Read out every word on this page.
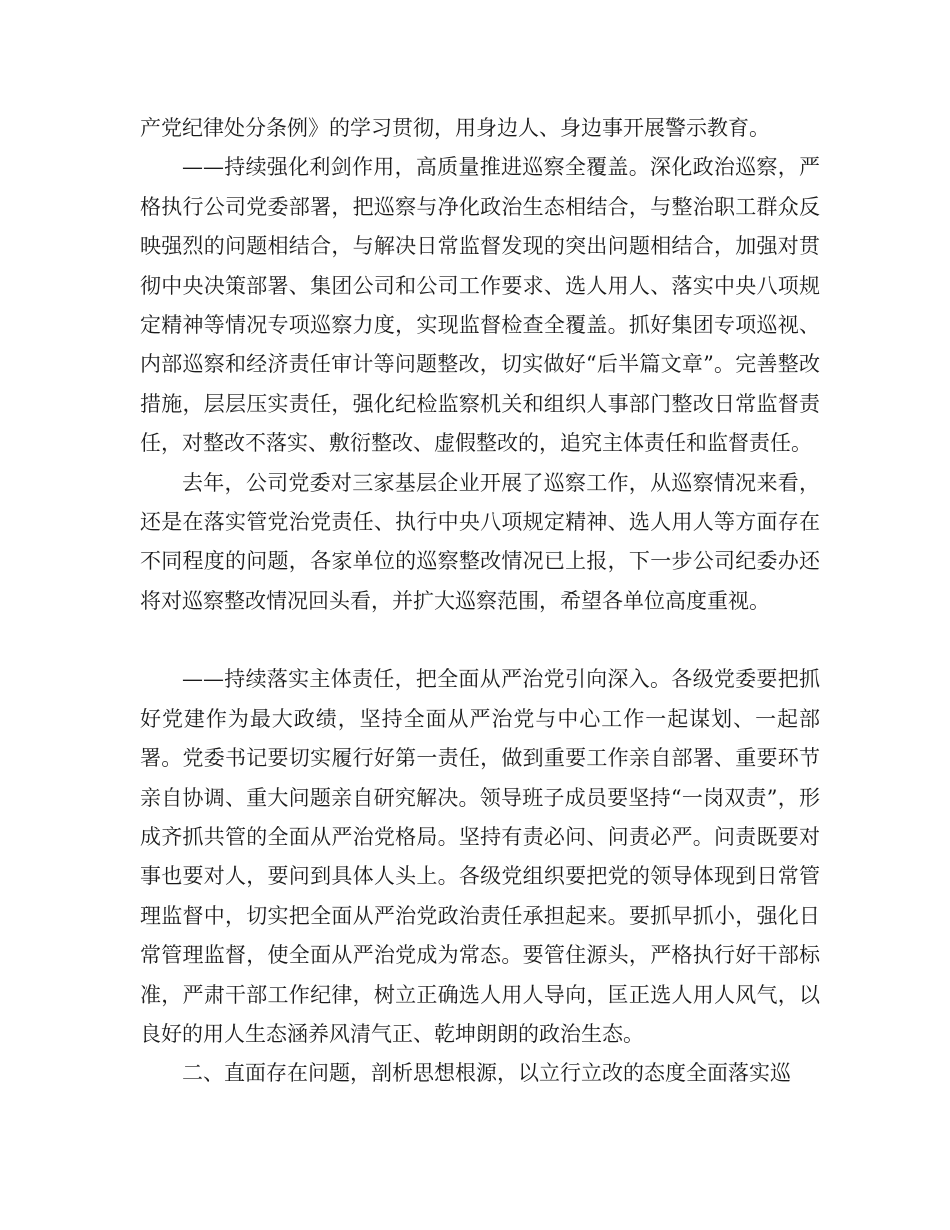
产党纪律处分条例》的学习贯彻，用身边人、身边事开展警示教育。

——持续强化利剑作用，高质量推进巡察全覆盖。深化政治巡察，严格执行公司党委部署，把巡察与净化政治生态相结合，与整治职工群众反映强烈的问题相结合，与解决日常监督发现的突出问题相结合，加强对贯彻中央决策部署、集团公司和公司工作要求、选人用人、落实中央八项规定精神等情况专项巡察力度，实现监督检查全覆盖。抓好集团专项巡视、内部巡察和经济责任审计等问题整改，切实做好“后半篇文章”。完善整改措施，层层压实责任，强化纪检监察机关和组织人事部门整改日常监督责任，对整改不落实、敷衍整改、虚假整改的，追究主体责任和监督责任。

去年，公司党委对三家基层企业开展了巡察工作，从巡察情况来看，还是在落实管党治党责任、执行中央八项规定精神、选人用人等方面存在不同程度的问题，各家单位的巡察整改情况已上报，下一步公司纪委办还将对巡察整改情况回头看，并扩大巡察范围，希望各单位高度重视。

——持续落实主体责任，把全面从严治党引向深入。各级党委要把抓好党建作为最大政绩，坚持全面从严治党与中心工作一起谋划、一起部署。党委书记要切实履行好第一责任，做到重要工作亲自部署、重要环节亲自协调、重大问题亲自研究解决。领导班子成员要坚持“一岗双责”，形成齐抓共管的全面从严治党格局。坚持有责必问、问责必严。问责既要对事也要对人，要问到具体人头上。各级党组织要把党的领导体现到日常管理监督中，切实把全面从严治党政治责任承担起来。要抓早抓小，强化日常管理监督，使全面从严治党成为常态。要管住源头，严格执行好干部标准，严肃干部工作纪律，树立正确选人用人导向，匡正选人用人风气，以良好的用人生态涵养风清气正、乾坤朗朗的政治生态。

二、直面存在问题，剖析思想根源，以立行立改的态度全面落实巡
